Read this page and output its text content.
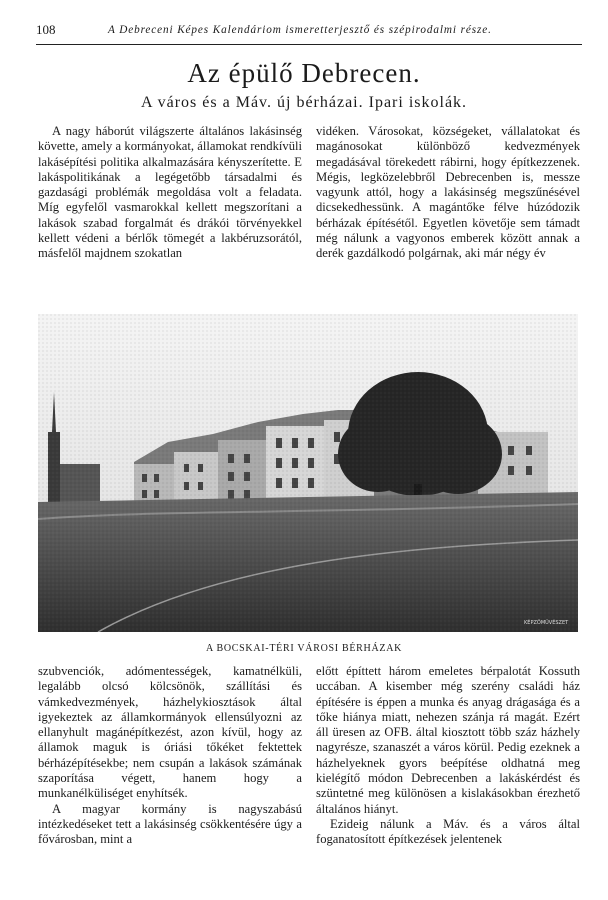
108	A Debreceni Képes Kalendáriom ismeretterjesztő és szépirodalmi része.
Az épülő Debrecen.
A város és a Máv. új bérházai. Ipari iskolák.

A nagy háborút világszerte általános lakásinség követte, amely a kormányokat, államokat rendkívüli lakásépítési politika alkalmazására kényszerítette. E lakáspolitikának a legégetőbb társadalmi és gazdasági problémák megoldása volt a feladata. Míg egyfelől vasmarokkal kellett megszorítani a lakások szabad forgalmát és drákói törvényekkel kellett védeni a bérlők tömegét a lakbéruzsorától, másfelől majdnem szokatlan

vidéken. Városokat, községeket, vállalatokat és magánosokat különböző kedvezmények megadásával törekedett rábirni, hogy építkezzenek. Mégis, legközelebbről Debrecenben is, messze vagyunk attól, hogy a lakásinség megszűnésével dicsekedhessünk. A magántőke félve húzódozik bérházak építésétől. Egyetlen követője sem támadt még nálunk a vagyonos emberek között annak a derék gazdálkodó polgárnak, aki már négy év

KÉPZŐMŰVÉSZET
A BOCSKAI-TÉRI VÁROSI BÉRHÁZAK

szubvenciók, adómentességek, kamatnélküli, legalább olcsó kölcsönök, szállítási és vámkedvezmények, házhelykiosztások által igyekeztek az államkormányok ellensúlyozni az ellanyhult magánépítkezést, azon kívül, hogy az államok maguk is óriási tőkéket fektettek bérházépítésekbe; nem csupán a lakások számának szaporítása végett, hanem hogy a munkanélküliséget enyhítsék.

A magyar kormány is nagyszabású intézkedéseket tett a lakásinség csökkentésére úgy a fővárosban, mint a

előtt építtett három emeletes bérpalotát Kossuth uccában. A kisember még szerény családi ház építésére is éppen a munka és anyag drágasága és a tőke hiánya miatt, nehezen szánja rá magát. Ezért áll üresen az OFB. által kiosztott több száz házhely nagyrésze, szanaszét a város körül. Pedig ezeknek a házhelyeknek gyors beépítése oldhatná meg kielégítő módon Debrecenben a lakáskérdést és szüntetné meg különösen a kislakásokban érezhető általános hiányt.

Ezideig nálunk a Máv. és a város által foganatosított építkezések jelentenek
